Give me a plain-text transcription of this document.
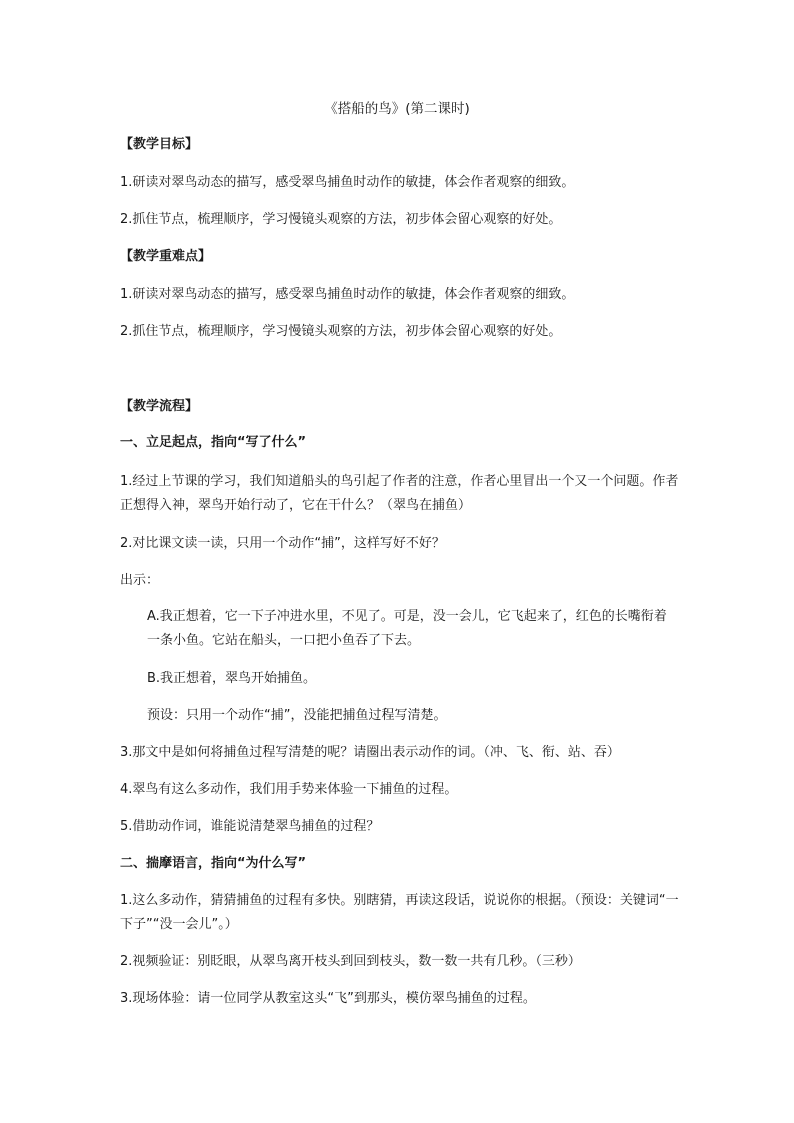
《搭船的鸟》(第二课时)
【教学目标】
1.研读对翠鸟动态的描写，感受翠鸟捕鱼时动作的敏捷，体会作者观察的细致。
2.抓住节点，梳理顺序，学习慢镜头观察的方法，初步体会留心观察的好处。
【教学重难点】
1.研读对翠鸟动态的描写，感受翠鸟捕鱼时动作的敏捷，体会作者观察的细致。
2.抓住节点，梳理顺序，学习慢镜头观察的方法，初步体会留心观察的好处。
【教学流程】
一、立足起点，指向“写了什么”
1.经过上节课的学习，我们知道船头的鸟引起了作者的注意，作者心里冒出一个又一个问题。作者正想得入神，翠鸟开始行动了，它在干什么？（翠鸟在捕鱼）
2.对比课文读一读，只用一个动作“捕”，这样写好不好？
出示：
A.我正想着，它一下子冲进水里，不见了。可是，没一会儿，它飞起来了，红色的长嘴衔着一条小鱼。它站在船头，一口把小鱼吞了下去。
B.我正想着，翠鸟开始捕鱼。
预设：只用一个动作“捕”，没能把捕鱼过程写清楚。
3.那文中是如何将捕鱼过程写清楚的呢？请圈出表示动作的词。（冲、飞、衔、站、吞）
4.翠鸟有这么多动作，我们用手势来体验一下捕鱼的过程。
5.借助动作词，谁能说清楚翠鸟捕鱼的过程？
二、揣摩语言，指向“为什么写”
1.这么多动作，猜猜捕鱼的过程有多快。别瞎猜，再读这段话，说说你的根据。（预设：关键词“一下子”“没一会儿”。）
2.视频验证：别眨眼，从翠鸟离开枝头到回到枝头，数一数一共有几秒。（三秒）
3.现场体验：请一位同学从教室这头“飞”到那头，模仿翠鸟捕鱼的过程。
